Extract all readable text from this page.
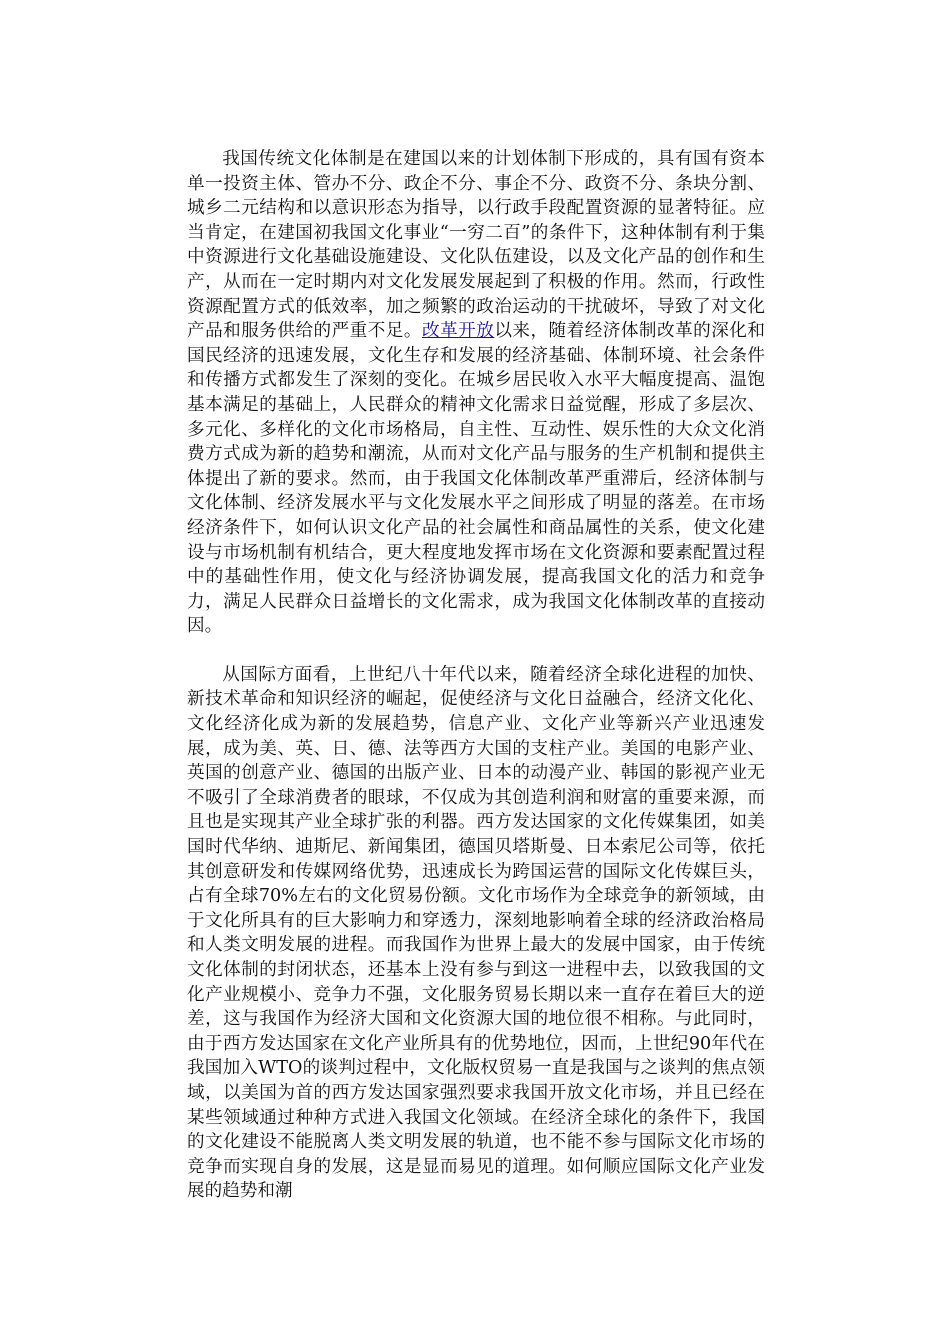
我国传统文化体制是在建国以来的计划体制下形成的，具有国有资本单一投资主体、管办不分、政企不分、事企不分、政资不分、条块分割、城乡二元结构和以意识形态为指导，以行政手段配置资源的显著特征。应当肯定，在建国初我国文化事业“一穷二百”的条件下，这种体制有利于集中资源进行文化基础设施建设、文化队伍建设，以及文化产品的创作和生产，从而在一定时期内对文化发展发展起到了积极的作用。然而，行政性资源配置方式的低效率，加之频繁的政治运动的干扰破坏，导致了对文化产品和服务供给的严重不足。改革开放以来，随着经济体制改革的深化和国民经济的迅速发展，文化生存和发展的经济基础、体制环境、社会条件和传播方式都发生了深刻的变化。在城乡居民收入水平大幅度提高、温饱基本满足的基础上，人民群众的精神文化需求日益觉醒，形成了多层次、多元化、多样化的文化市场格局，自主性、互动性、娱乐性的大众文化消费方式成为新的趋势和潮流，从而对文化产品与服务的生产机制和提供主体提出了新的要求。然而，由于我国文化体制改革严重滞后，经济体制与文化体制、经济发展水平与文化发展水平之间形成了明显的落差。在市场经济条件下，如何认识文化产品的社会属性和商品属性的关系，使文化建设与市场机制有机结合，更大程度地发挥市场在文化资源和要素配置过程中的基础性作用，使文化与经济协调发展，提高我国文化的活力和竞争力，满足人民群众日益增长的文化需求，成为我国文化体制改革的直接动因。

从国际方面看，上世纪八十年代以来，随着经济全球化进程的加快、新技术革命和知识经济的崛起，促使经济与文化日益融合，经济文化化、文化经济化成为新的发展趋势，信息产业、文化产业等新兴产业迅速发展，成为美、英、日、德、法等西方大国的支柱产业。美国的电影产业、英国的创意产业、德国的出版产业、日本的动漫产业、韩国的影视产业无不吸引了全球消费者的眼球，不仅成为其创造利润和财富的重要来源，而且也是实现其产业全球扩张的利器。西方发达国家的文化传媒集团，如美国时代华纳、迪斯尼、新闻集团，德国贝塔斯曼、日本索尼公司等，依托其创意研发和传媒网络优势，迅速成长为跨国运营的国际文化传媒巨头，占有全球70%左右的文化贸易份额。文化市场作为全球竞争的新领域，由于文化所具有的巨大影响力和穿透力，深刻地影响着全球的经济政治格局和人类文明发展的进程。而我国作为世界上最大的发展中国家，由于传统文化体制的封闭状态，还基本上没有参与到这一进程中去，以致我国的文化产业规模小、竞争力不强，文化服务贸易长期以来一直存在着巨大的逆差，这与我国作为经济大国和文化资源大国的地位很不相称。与此同时，由于西方发达国家在文化产业所具有的优势地位，因而，上世纪90年代在我国加入WTO的谈判过程中，文化版权贸易一直是我国与之谈判的焦点领域，以美国为首的西方发达国家强烈要求我国开放文化市场，并且已经在某些领域通过种种方式进入我国文化领域。在经济全球化的条件下，我国的文化建设不能脱离人类文明发展的轨道，也不能不参与国际文化市场的竞争而实现自身的发展，这是显而易见的道理。如何顺应国际文化产业发展的趋势和潮
